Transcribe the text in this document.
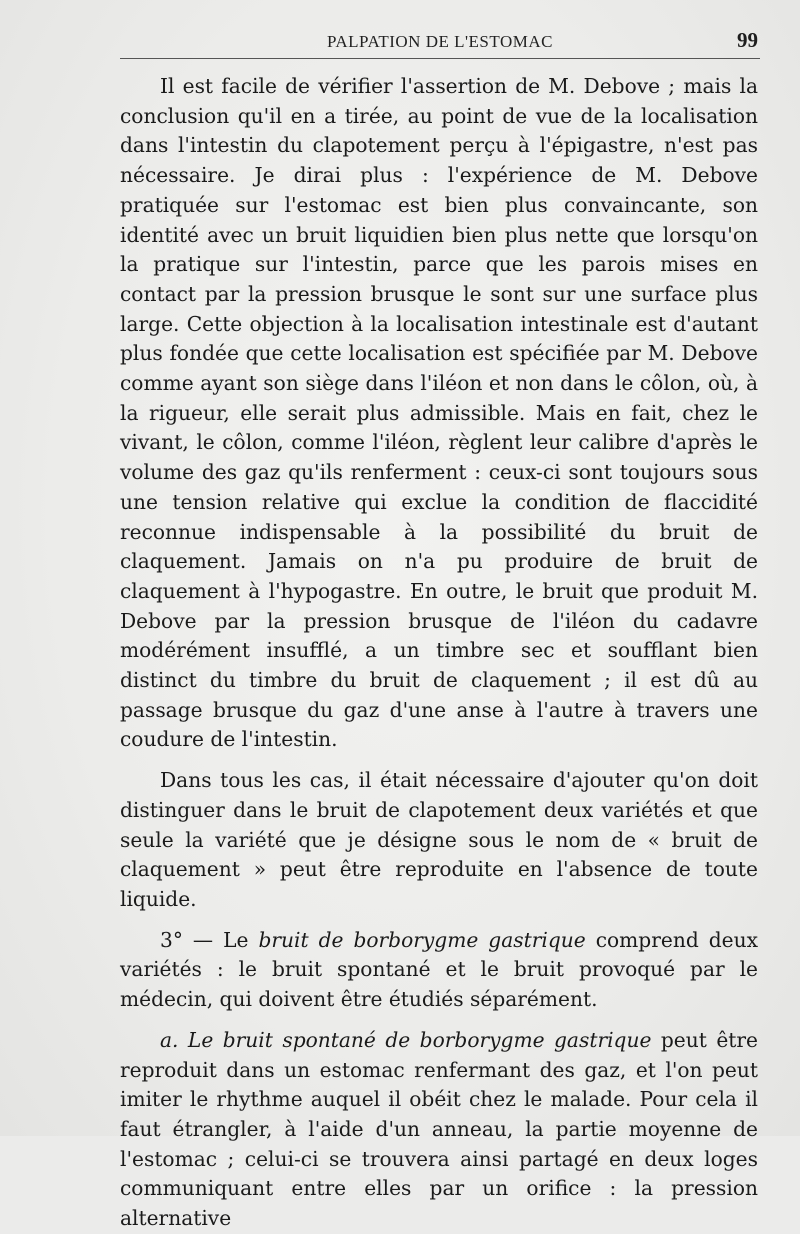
PALPATION DE L'ESTOMAC	99

Il est facile de vérifier l'assertion de M. Debove ; mais la conclusion qu'il en a tirée, au point de vue de la localisation dans l'intestin du clapotement perçu à l'épigastre, n'est pas nécessaire. Je dirai plus : l'expérience de M. Debove pratiquée sur l'estomac est bien plus convaincante, son identité avec un bruit liquidien bien plus nette que lorsqu'on la pratique sur l'intestin, parce que les parois mises en contact par la pression brusque le sont sur une surface plus large. Cette objection à la localisation intestinale est d'autant plus fondée que cette localisation est spécifiée par M. Debove comme ayant son siège dans l'iléon et non dans le côlon, où, à la rigueur, elle serait plus admissible. Mais en fait, chez le vivant, le côlon, comme l'iléon, règlent leur calibre d'après le volume des gaz qu'ils renferment : ceux-ci sont toujours sous une tension relative qui exclue la condition de flaccidité reconnue indispensable à la possibilité du bruit de claquement. Jamais on n'a pu produire de bruit de claquement à l'hypogastre. En outre, le bruit que produit M. Debove par la pression brusque de l'iléon du cadavre modérément insufflé, a un timbre sec et soufflant bien distinct du timbre du bruit de claquement ; il est dû au passage brusque du gaz d'une anse à l'autre à travers une coudure de l'intestin.

Dans tous les cas, il était nécessaire d'ajouter qu'on doit distinguer dans le bruit de clapotement deux variétés et que seule la variété que je désigne sous le nom de « bruit de claquement » peut être reproduite en l'absence de toute liquide.

3° — Le bruit de borborygme gastrique comprend deux variétés : le bruit spontané et le bruit provoqué par le médecin, qui doivent être étudiés séparément.

a. Le bruit spontané de borborygme gastrique peut être reproduit dans un estomac renfermant des gaz, et l'on peut imiter le rhythme auquel il obéit chez le malade. Pour cela il faut étrangler, à l'aide d'un anneau, la partie moyenne de l'estomac ; celui-ci se trouvera ainsi partagé en deux loges communiquant entre elles par un orifice : la pression alternative
